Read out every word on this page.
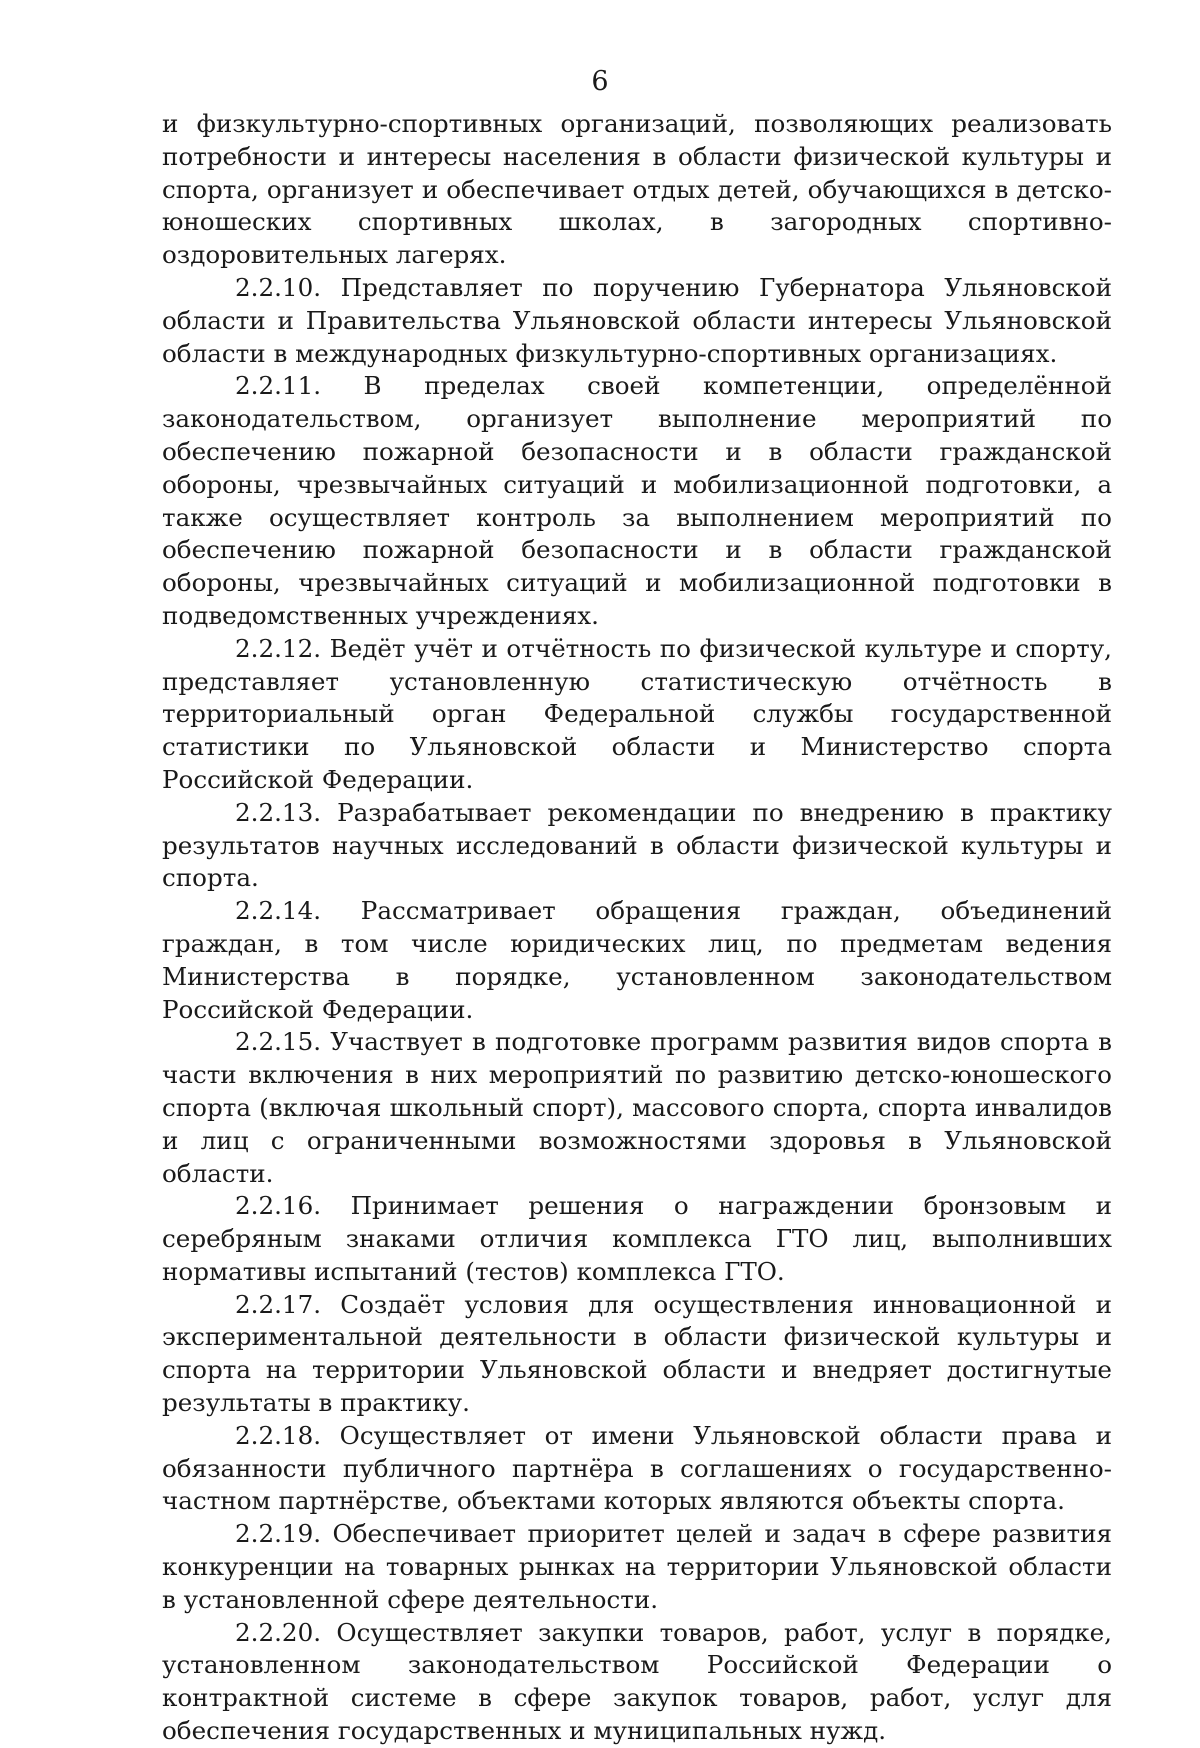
6

и физкультурно-спортивных организаций, позволяющих реализовать потребности и интересы населения в области физической культуры и спорта, организует и обеспечивает отдых детей, обучающихся в детско-юношеских спортивных школах, в загородных спортивно-оздоровительных лагерях.

2.2.10. Представляет по поручению Губернатора Ульяновской области и Правительства Ульяновской области интересы Ульяновской области в международных физкультурно-спортивных организациях.

2.2.11. В пределах своей компетенции, определённой законодательством, организует выполнение мероприятий по обеспечению пожарной безопасности и в области гражданской обороны, чрезвычайных ситуаций и мобилизационной подготовки, а также осуществляет контроль за выполнением мероприятий по обеспечению пожарной безопасности и в области гражданской обороны, чрезвычайных ситуаций и мобилизационной подготовки в подведомственных учреждениях.

2.2.12. Ведёт учёт и отчётность по физической культуре и спорту, представляет установленную статистическую отчётность в территориальный орган Федеральной службы государственной статистики по Ульяновской области и Министерство спорта Российской Федерации.

2.2.13. Разрабатывает рекомендации по внедрению в практику результатов научных исследований в области физической культуры и спорта.

2.2.14. Рассматривает обращения граждан, объединений граждан, в том числе юридических лиц, по предметам ведения Министерства в порядке, установленном законодательством Российской Федерации.

2.2.15. Участвует в подготовке программ развития видов спорта в части включения в них мероприятий по развитию детско-юношеского спорта (включая школьный спорт), массового спорта, спорта инвалидов и лиц с ограниченными возможностями здоровья в Ульяновской области.

2.2.16. Принимает решения о награждении бронзовым и серебряным знаками отличия комплекса ГТО лиц, выполнивших нормативы испытаний (тестов) комплекса ГТО.

2.2.17. Создаёт условия для осуществления инновационной и экспериментальной деятельности в области физической культуры и спорта на территории Ульяновской области и внедряет достигнутые результаты в практику.

2.2.18. Осуществляет от имени Ульяновской области права и обязанности публичного партнёра в соглашениях о государственно-частном партнёрстве, объектами которых являются объекты спорта.

2.2.19. Обеспечивает приоритет целей и задач в сфере развития конкуренции на товарных рынках на территории Ульяновской области в установленной сфере деятельности.

2.2.20. Осуществляет закупки товаров, работ, услуг в порядке, установленном законодательством Российской Федерации о контрактной системе в сфере закупок товаров, работ, услуг для обеспечения государственных и муниципальных нужд.
